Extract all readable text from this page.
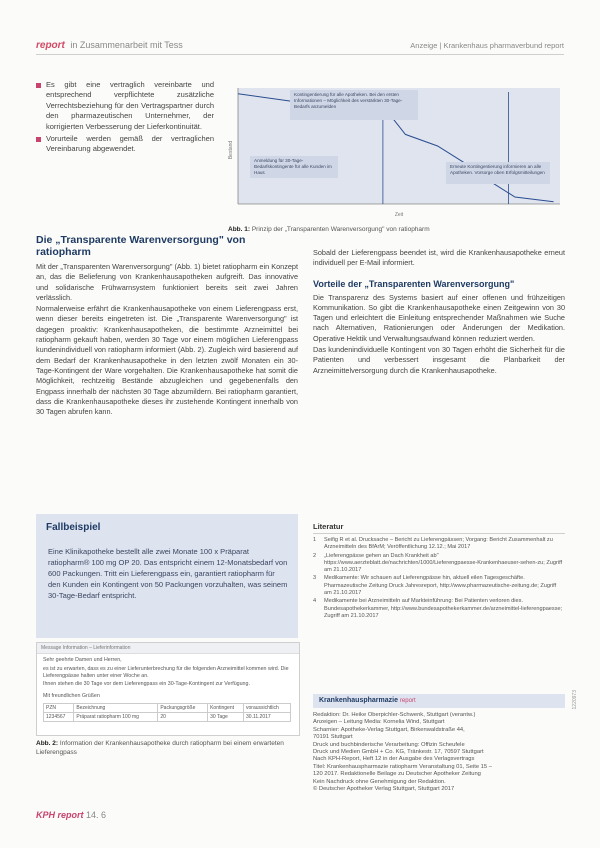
report in Zusammenarbeit mit Tess	Anzeige | Krankenhaus pharmaverbund report
Es gibt eine vertraglich vereinbarte und entsprechend verpflichtete zusätzliche Verrechtsbeziehung für den Vertragspartner durch den pharmazeutischen Unternehmer, der korrigierten Verbesserung der Lieferkontinuität.
Vorurteile werden gemäß der vertraglichen Vereinbarung abgewendet.	Bestand
Zeit
Kontingentierung für alle Apotheken. Bei den ersten Informationen – Möglichkeit des verstärkten 30-Tage-Bedarfs anzumelden
Anmeldung für 30-Tage-Bedarfskontingente für alle Kunden im Haus
Erneute Kontingentierung informieren an alle Apotheken. Vorsorge oben Erfolgsmitteilungen
Abb. 1: Prinzip der „Transparenten Warenversorgung" von ratiopharm
Die „Transparente Warenversorgung" von ratiopharm

Mit der „Transparenten Warenversorgung" (Abb. 1) bietet ratiopharm ein Konzept an, das die Belieferung von Krankenhausapotheken aufgreift. Das innovative und solidarische Frühwarnsystem funktioniert bereits seit zwei Jahren verlässlich.

Normalerweise erfährt die Krankenhausapotheke von einem Lieferengpass erst, wenn dieser bereits eingetreten ist. Die „Transparente Warenversorgung" ist dagegen proaktiv: Krankenhausapotheken, die bestimmte Arzneimittel bei ratiopharm gekauft haben, werden 30 Tage vor einem möglichen Lieferengpass kundenindividuell von ratiopharm informiert (Abb. 2). Zugleich wird basierend auf dem Bedarf der Krankenhausapotheke in den letzten zwölf Monaten ein 30-Tage-Kontingent der Ware vorgehalten. Die Krankenhausapotheke hat somit die Möglichkeit, rechtzeitig Bestände abzugleichen und gegebenenfalls den Engpass innerhalb der nächsten 30 Tage abzumildern. Bei ratiopharm garantiert, dass die Krankenhausapotheke dieses ihr zustehende Kontingent innerhalb von 30 Tagen abrufen kann.

Fallbeispiel
Eine Klinikapotheke bestellt alle zwei Monate 100 x Präparat ratiopharm® 100 mg OP 20. Das entspricht einem 12-Monatsbedarf von 600 Packungen. Tritt ein Lieferengpass ein, garantiert ratiopharm für den Kunden ein Kontingent von 50 Packungen vorzuhalten, was seinem 30-Tage-Bedarf entspricht.
Message Information – Lieferinformation
Sehr geehrte Damen und Herren,
es ist zu erwarten, dass es zu einer Lieferunterbrechung für die folgenden Arzneimittel kommen wird. Die Lieferengpässe halten unter einer Woche an.
Ihnen stehen die 30 Tage vor dem Lieferengpass ein 30-Tage-Kontingent zur Verfügung.
Mit freundlichen Grüßen
PZN	Bezeichnung	Packungsgröße	Kontingent	voraussichtlich
1234567	Präparat ratiopharm 100 mg	20	30 Tage	30.11.2017
Abb. 2: Information der Krankenhausapotheke durch ratiopharm bei einem erwarteten Lieferengpass
Sobald der Lieferengpass beendet ist, wird die Krankenhausapotheke erneut individuell per E-Mail informiert.
Vorteile der „Transparenten Warenversorgung"

Die Transparenz des Systems basiert auf einer offenen und frühzeitigen Kommunikation. So gibt die Krankenhausapotheke einen Zeitgewinn von 30 Tagen und erleichtert die Einleitung entsprechender Maßnahmen wie Suche nach Alternativen, Rationierungen oder Änderungen der Medikation. Operative Hektik und Verwaltungsaufwand können reduziert werden.

Das kundenindividuelle Kontingent von 30 Tagen erhöht die Sicherheit für die Patienten und verbessert insgesamt die Planbarkeit der Arzneimittelversorgung durch die Krankenhausapotheke.

Literatur
1 Seifig R et al. Drucksache – Bericht zu Lieferengpässen; Vorgang: Bericht Zusammenhalt zu Arzneimitteln des BfArM; Veröffentlichung 12.12.; Mai 2017
2 „Lieferengpässe gehen an Dach Krankheit ab" https://www.aerzteblatt.de/nachrichten/1000/Lieferengpaesse-Krankenhaeuser-sehen-zu; Zugriff am 21.10.2017
3 Medikamente: Wir schauen auf Lieferengpässe hin, aktuell eilen Tagesgeschäfte. Pharmazeutische Zeitung Druck Jahresreport, http://www.pharmazeutische-zeitung.de; Zugriff am 21.10.2017
4 Medikamente bei Arzneimitteln auf Markteinführung: Bei Patienten verloren dies. Bundesapothekerkammer, http://www.bundesapothekerkammer.de/arzneimittel-lieferengpaesse; Zugriff am 21.10.2017
Krankenhauspharmazie report
Redaktion: Dr. Heike Oberpichler-Schwenk, Stuttgart (verantw.)
Anzeigen – Leitung Media: Kornelia Wind, Stuttgart
Scharnier: Apotheke-Verlag Stuttgart, Birkenwaldstraße 44,
70191 Stuttgart
Druck und buchbinderische Verarbeitung: Offizin Scheufele
Druck und Medien GmbH + Co. KG, Tränkestr. 17, 70597 Stuttgart
Nach KPH-Report, Heft 12 in der Ausgabe des Verlagsvertrags
Titel: Krankenhauspharmazie ratiopharm Veranstaltung 01, Seite 15 –
120 2017. Redaktionelle Beilage zu Deutscher Apotheker Zeitung
Kein Nachdruck ohne Genehmigung der Redaktion.
© Deutscher Apotheker Verlag Stuttgart, Stuttgart 2017
1220973
KPH report 14. 6
